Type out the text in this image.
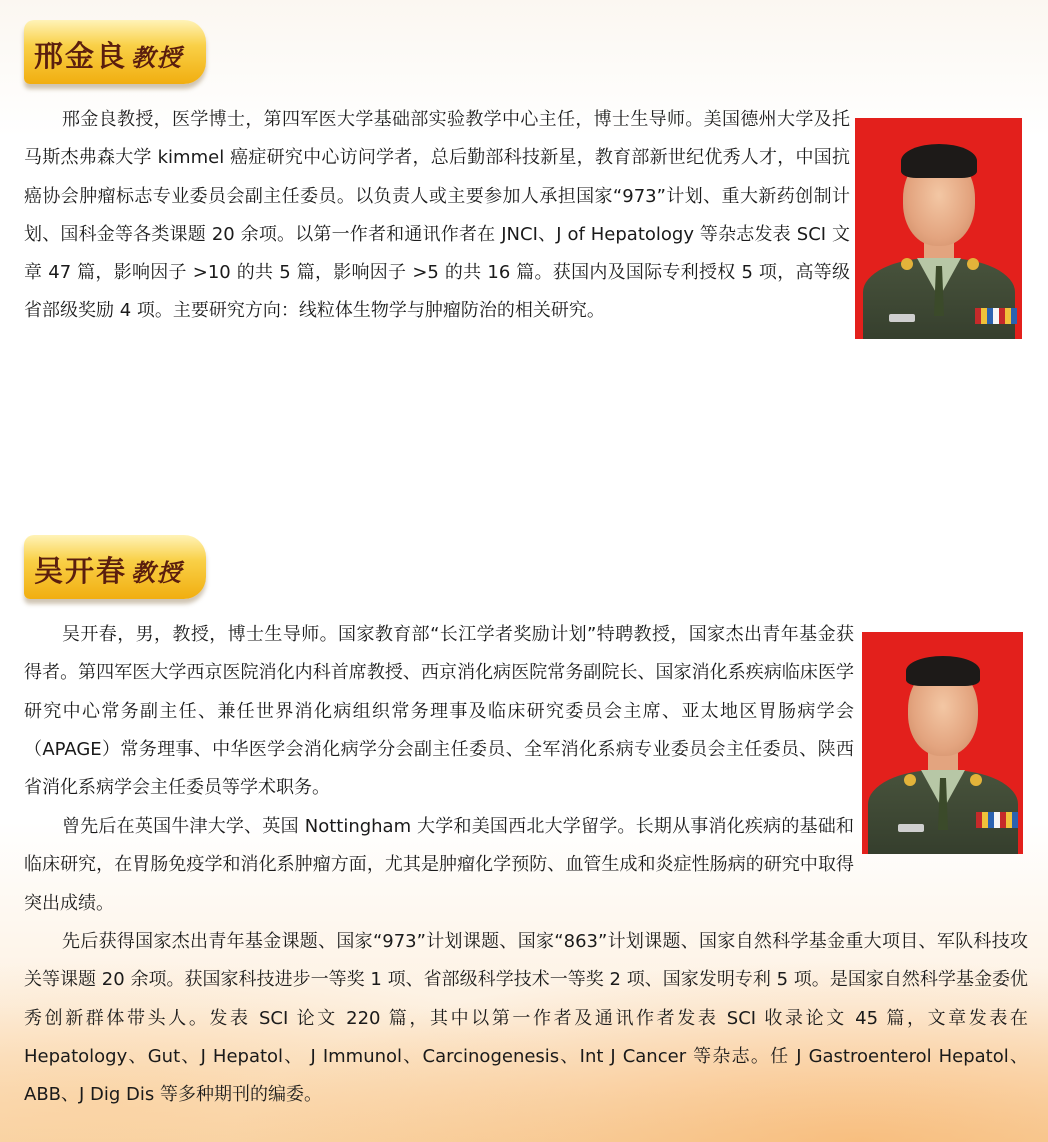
邢金良 教授

邢金良教授，医学博士，第四军医大学基础部实验教学中心主任，博士生导师。美国德州大学及托马斯杰弗森大学 kimmel 癌症研究中心访问学者，总后勤部科技新星，教育部新世纪优秀人才，中国抗癌协会肿瘤标志专业委员会副主任委员。以负责人或主要参加人承担国家“973”计划、重大新药创制计划、国科金等各类课题 20 余项。以第一作者和通讯作者在 JNCI、J of Hepatology 等杂志发表 SCI 文章 47 篇，影响因子 >10 的共 5 篇，影响因子 >5 的共 16 篇。获国内及国际专利授权 5 项，高等级省部级奖励 4 项。主要研究方向：线粒体生物学与肿瘤防治的相关研究。

吴开春 教授

吴开春，男，教授，博士生导师。国家教育部“长江学者奖励计划”特聘教授，国家杰出青年基金获得者。第四军医大学西京医院消化内科首席教授、西京消化病医院常务副院长、国家消化系疾病临床医学研究中心常务副主任、兼任世界消化病组织常务理事及临床研究委员会主席、亚太地区胃肠病学会（APAGE）常务理事、中华医学会消化病学分会副主任委员、全军消化系病专业委员会主任委员、陕西省消化系病学会主任委员等学术职务。

曾先后在英国牛津大学、英国 Nottingham 大学和美国西北大学留学。长期从事消化疾病的基础和临床研究，在胃肠免疫学和消化系肿瘤方面，尤其是肿瘤化学预防、血管生成和炎症性肠病的研究中取得突出成绩。

先后获得国家杰出青年基金课题、国家“973”计划课题、国家“863”计划课题、国家自然科学基金重大项目、军队科技攻关等课题 20 余项。获国家科技进步一等奖 1 项、省部级科学技术一等奖 2 项、国家发明专利 5 项。是国家自然科学基金委优秀创新群体带头人。发表 SCI 论文 220 篇，其中以第一作者及通讯作者发表 SCI 收录论文 45 篇，文章发表在 Hepatology、Gut、J Hepatol、 J Immunol、Carcinogenesis、Int J Cancer 等杂志。任 J Gastroenterol Hepatol、ABB、J Dig Dis 等多种期刊的编委。
